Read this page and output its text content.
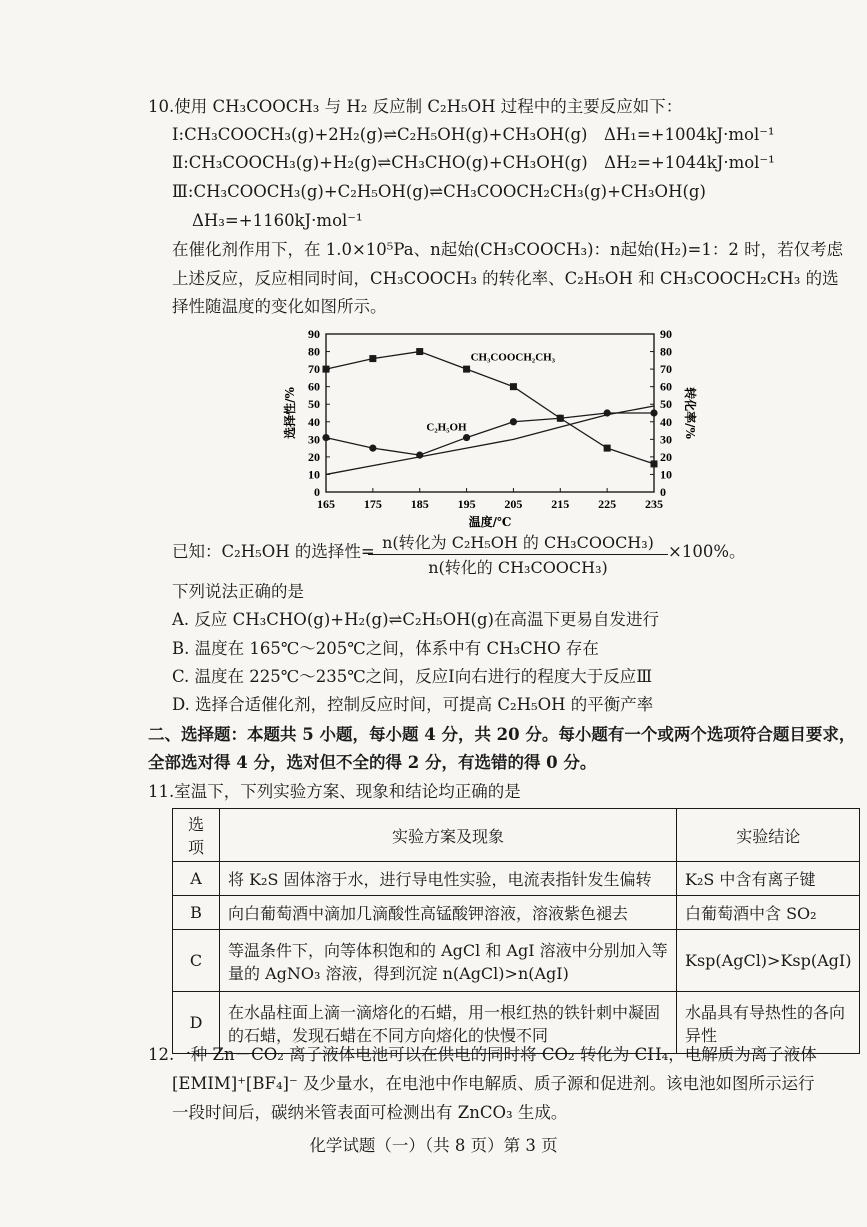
10.使用 CH₃COOCH₃ 与 H₂ 反应制 C₂H₅OH 过程中的主要反应如下：
Ⅰ:CH₃COOCH₃(g)+2H₂(g)⇌C₂H₅OH(g)+CH₃OH(g)　ΔH₁=+1004kJ·mol⁻¹
Ⅱ:CH₃COOCH₃(g)+H₂(g)⇌CH₃CHO(g)+CH₃OH(g)　ΔH₂=+1044kJ·mol⁻¹
Ⅲ:CH₃COOCH₃(g)+C₂H₅OH(g)⇌CH₃COOCH₂CH₃(g)+CH₃OH(g)
ΔH₃=+1160kJ·mol⁻¹
在催化剂作用下，在 1.0×10⁵Pa、n起始(CH₃COOCH₃)：n起始(H₂)=1：2 时，若仅考虑
上述反应，反应相同时间，CH₃COOCH₃ 的转化率、C₂H₅OH 和 CH₃COOCH₂CH₃ 的选
择性随温度的变化如图所示。
0	0
10	10
20	20
30	30
40	40
50	50
60	60
70	70
80	80
90	90
165 175 185 195 205 215 225 235
CH₃COOCH₂CH₃
C₂H₅OH
温度/℃
选择性/%	转化率/%
已知：C₂H₅OH 的选择性= n(转化为 C₂H₅OH 的 CH₃COOCH₃)
n(转化的 CH₃COOCH₃)
×100%。
下列说法正确的是
A. 反应 CH₃CHO(g)+H₂(g)⇌C₂H₅OH(g)在高温下更易自发进行
B. 温度在 165℃～205℃之间，体系中有 CH₃CHO 存在
C. 温度在 225℃～235℃之间，反应Ⅰ向右进行的程度大于反应Ⅲ
D. 选择合适催化剂，控制反应时间，可提高 C₂H₅OH 的平衡产率
二、选择题：本题共 5 小题，每小题 4 分，共 20 分。每小题有一个或两个选项符合题目要求，
全部选对得 4 分，选对但不全的得 2 分，有选错的得 0 分。
11.室温下，下列实验方案、现象和结论均正确的是
选项	实验方案及现象	实验结论
A	将 K₂S 固体溶于水，进行导电性实验，电流表指针发生偏转	K₂S 中含有离子键
B	向白葡萄酒中滴加几滴酸性高锰酸钾溶液，溶液紫色褪去	白葡萄酒中含 SO₂
C	等温条件下，向等体积饱和的 AgCl 和 AgI 溶液中分别加入等量的 AgNO₃ 溶液，得到沉淀 n(AgCl)>n(AgI)	Ksp(AgCl)>Ksp(AgI)
D	在水晶柱面上滴一滴熔化的石蜡，用一根红热的铁针刺中凝固的石蜡，发现石蜡在不同方向熔化的快慢不同	水晶具有导热性的各向异性
12.一种 Zn－CO₂ 离子液体电池可以在供电的同时将 CO₂ 转化为 CH₄，电解质为离子液体
[EMIM]⁺[BF₄]⁻ 及少量水，在电池中作电解质、质子源和促进剂。该电池如图所示运行
一段时间后，碳纳米管表面可检测出有 ZnCO₃ 生成。
化学试题（一）（共 8 页）第 3 页
